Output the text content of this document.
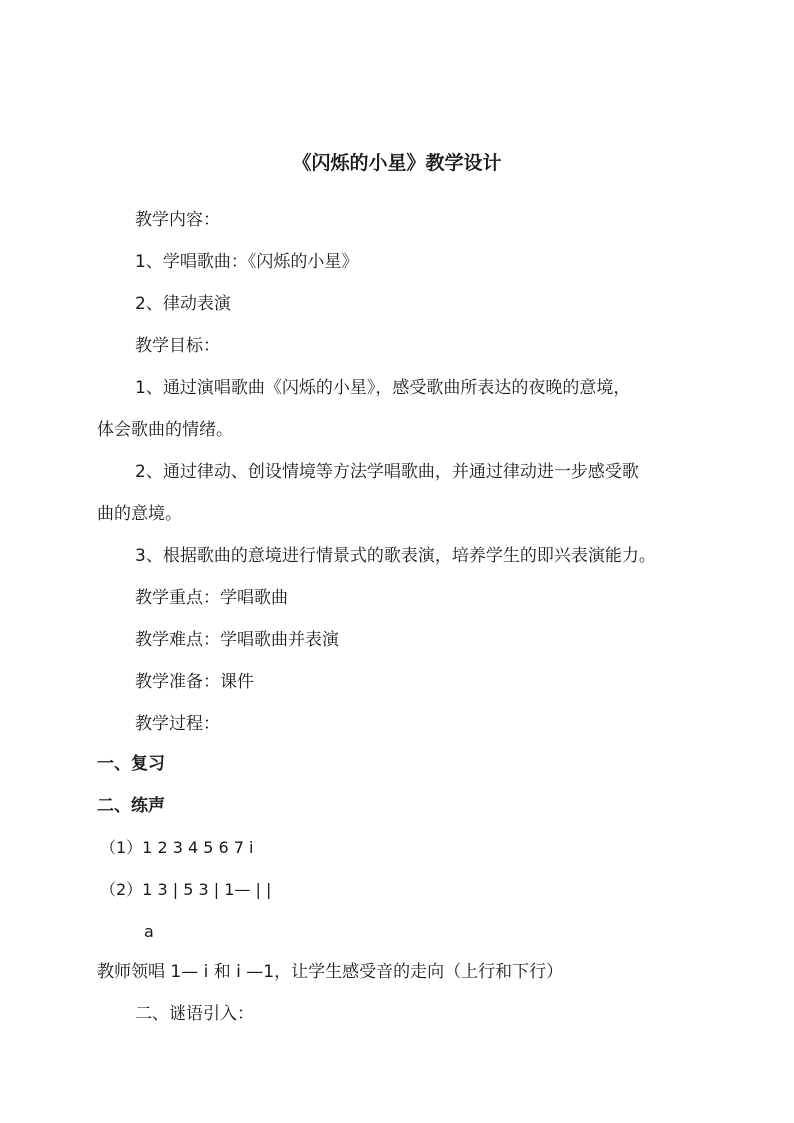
《闪烁的小星》教学设计
教学内容：
1、学唱歌曲：《闪烁的小星》
2、律动表演
教学目标：
1、通过演唱歌曲《闪烁的小星》，感受歌曲所表达的夜晚的意境，
体会歌曲的情绪。
2、通过律动、创设情境等方法学唱歌曲，并通过律动进一步感受歌
曲的意境。
3、根据歌曲的意境进行情景式的歌表演，培养学生的即兴表演能力。
教学重点：学唱歌曲
教学难点：学唱歌曲并表演
教学准备：课件
教学过程：
一、复习
二、练声
（1）1 2 3 4 5 6 7 i
（2）1 3 | 5 3 | 1— | |
a
教师领唱 1— i 和 i —1，让学生感受音的走向（上行和下行）
二、谜语引入：
